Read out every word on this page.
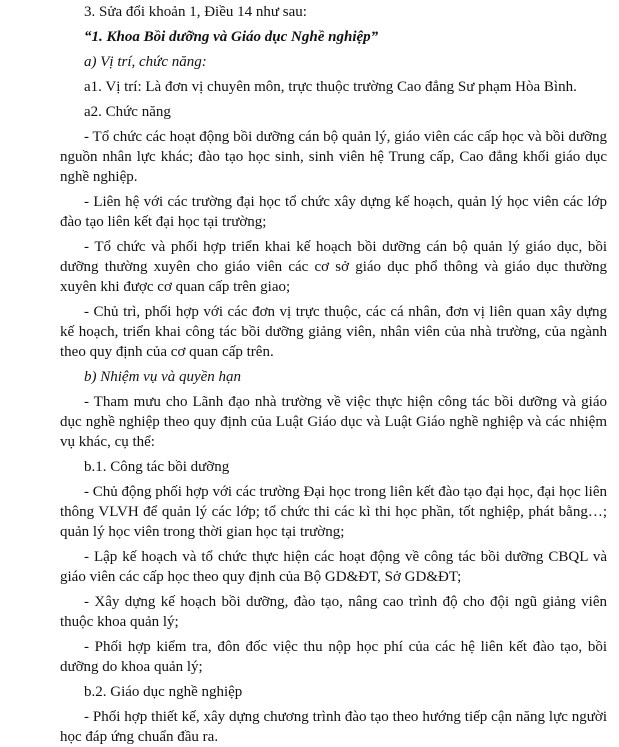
3. Sửa đổi khoản 1, Điều 14 như sau:

“1. Khoa Bồi dưỡng và Giáo dục Nghề nghiệp”

a) Vị trí, chức năng:

a1. Vị trí: Là đơn vị chuyên môn, trực thuộc trường Cao đẳng Sư phạm Hòa Bình.

a2. Chức năng

- Tổ chức các hoạt động bồi dưỡng cán bộ quản lý, giáo viên các cấp học và bồi dưỡng nguồn nhân lực khác; đào tạo học sinh, sinh viên hệ Trung cấp, Cao đẳng khối giáo dục nghề nghiệp.

- Liên hệ với các trường đại học tổ chức xây dựng kế hoạch, quản lý học viên các lớp đào tạo liên kết đại học tại trường;

- Tổ chức và phối hợp triển khai kế hoạch bồi dưỡng cán bộ quản lý giáo dục, bồi dưỡng thường xuyên cho giáo viên các cơ sở giáo dục phổ thông và giáo dục thường xuyên khi được cơ quan cấp trên giao;

- Chủ trì, phối hợp với các đơn vị trực thuộc, các cá nhân, đơn vị liên quan xây dựng kế hoạch, triển khai công tác bồi dưỡng giảng viên, nhân viên của nhà trường, của ngành theo quy định của cơ quan cấp trên.

b) Nhiệm vụ và quyền hạn

- Tham mưu cho Lãnh đạo nhà trường về việc thực hiện công tác bồi dưỡng và giáo dục nghề nghiệp theo quy định của Luật Giáo dục và Luật Giáo nghề nghiệp và các nhiệm vụ khác, cụ thể:

b.1. Công tác bồi dưỡng

- Chủ động phối hợp với các trường Đại học trong liên kết đào tạo đại học, đại học liên thông VLVH để quản lý các lớp; tổ chức thi các kì thi học phần, tốt nghiệp, phát bằng…; quản lý học viên trong thời gian học tại trường;

- Lập kế hoạch và tổ chức thực hiện các hoạt động về công tác bồi dưỡng CBQL và giáo viên các cấp học theo quy định của Bộ GD&ĐT, Sở GD&ĐT;

- Xây dựng kế hoạch bồi dưỡng, đào tạo, nâng cao trình độ cho đội ngũ giảng viên thuộc khoa quản lý;

- Phối hợp kiểm tra, đôn đốc việc thu nộp học phí của các hệ liên kết đào tạo, bồi dưỡng do khoa quản lý;

b.2. Giáo dục nghề nghiệp

- Phối hợp thiết kế, xây dựng chương trình đào tạo theo hướng tiếp cận năng lực người học đáp ứng chuẩn đầu ra.
